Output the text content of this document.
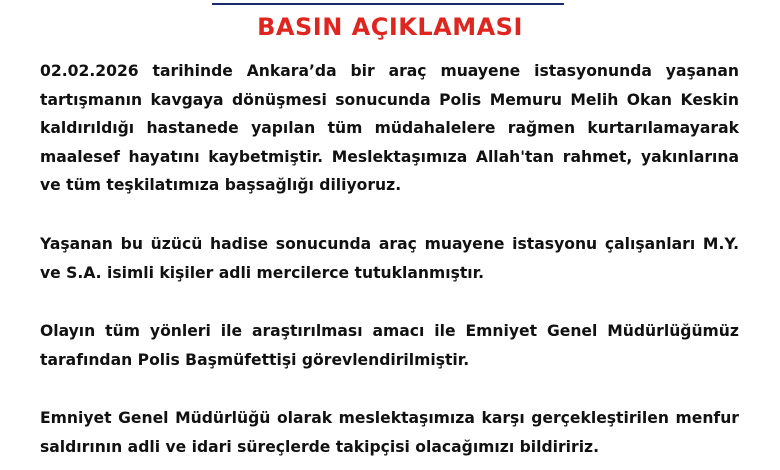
BASIN AÇIKLAMASI

02.02.2026 tarihinde Ankara’da bir araç muayene istasyonunda yaşanan tartışmanın kavgaya dönüşmesi sonucunda Polis Memuru Melih Okan Keskin kaldırıldığı hastanede yapılan tüm müdahalelere rağmen kurtarılamayarak maalesef hayatını kaybetmiştir. Meslektaşımıza Allah'tan rahmet, yakınlarına ve tüm teşkilatımıza başsağlığı diliyoruz.

Yaşanan bu üzücü hadise sonucunda araç muayene istasyonu çalışanları M.Y. ve S.A. isimli kişiler adli mercilerce tutuklanmıştır.

Olayın tüm yönleri ile araştırılması amacı ile Emniyet Genel Müdürlüğümüz tarafından Polis Başmüfettişi görevlendirilmiştir.

Emniyet Genel Müdürlüğü olarak meslektaşımıza karşı gerçekleştirilen menfur saldırının adli ve idari süreçlerde takipçisi olacağımızı bildiririz.
